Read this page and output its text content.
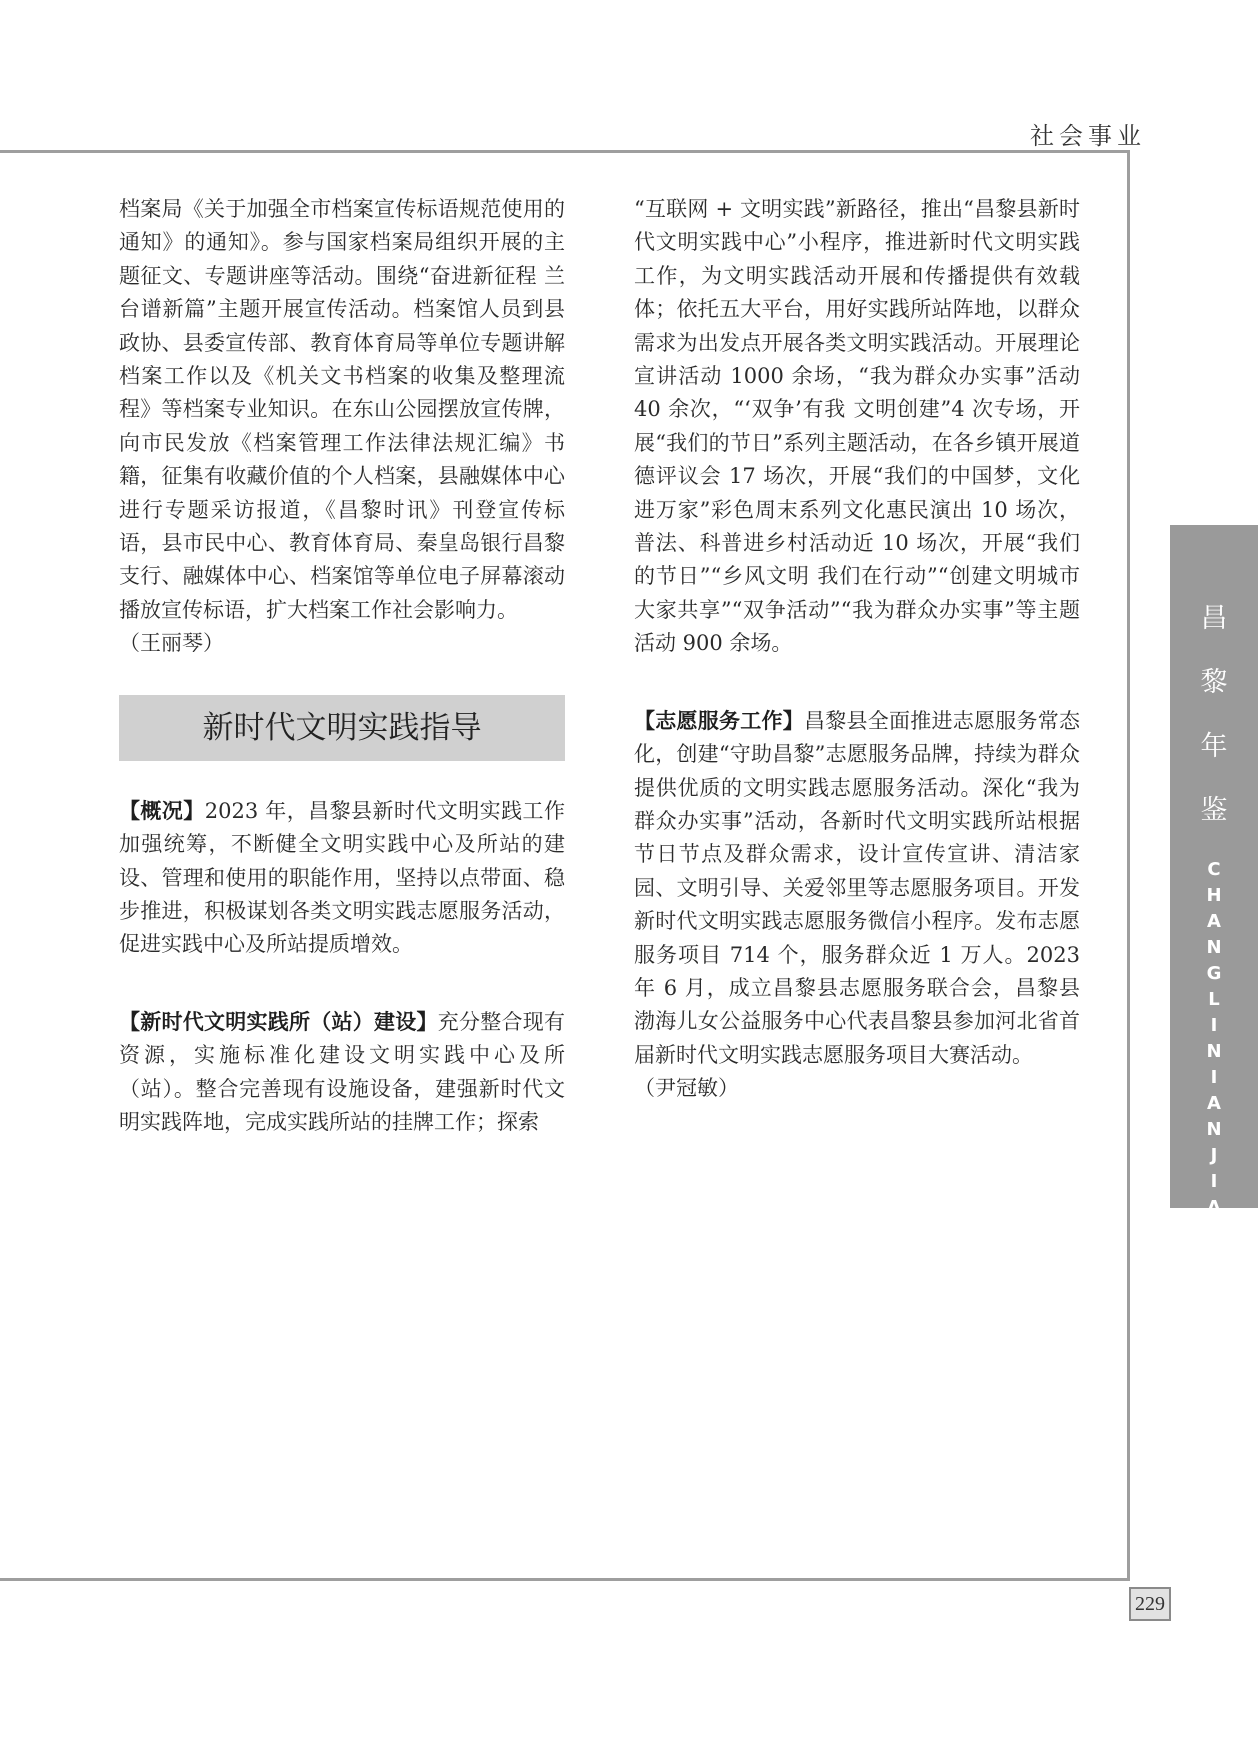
社会事业
昌
黎
年
鉴
C
H
A
N
G
L
I
N
I
A
N
J
I
A
N

档案局《关于加强全市档案宣传标语规范使用的通知》的通知》。参与国家档案局组织开展的主题征文、专题讲座等活动。围绕“奋进新征程 兰台谱新篇”主题开展宣传活动。档案馆人员到县政协、县委宣传部、教育体育局等单位专题讲解档案工作以及《机关文书档案的收集及整理流程》等档案专业知识。在东山公园摆放宣传牌，向市民发放《档案管理工作法律法规汇编》书籍，征集有收藏价值的个人档案，县融媒体中心进行专题采访报道，《昌黎时讯》刊登宣传标语，县市民中心、教育体育局、秦皇岛银行昌黎支行、融媒体中心、档案馆等单位电子屏幕滚动播放宣传标语，扩大档案工作社会影响力。

（王丽琴）

新时代文明实践指导

【概况】2023 年，昌黎县新时代文明实践工作加强统筹，不断健全文明实践中心及所站的建设、管理和使用的职能作用，坚持以点带面、稳步推进，积极谋划各类文明实践志愿服务活动，促进实践中心及所站提质增效。

【新时代文明实践所（站）建设】充分整合现有资源，实施标准化建设文明实践中心及所（站）。整合完善现有设施设备，建强新时代文明实践阵地，完成实践所站的挂牌工作；探索

“互联网 + 文明实践”新路径，推出“昌黎县新时代文明实践中心”小程序，推进新时代文明实践工作，为文明实践活动开展和传播提供有效载体；依托五大平台，用好实践所站阵地，以群众需求为出发点开展各类文明实践活动。开展理论宣讲活动 1000 余场，“我为群众办实事”活动 40 余次，“‘双争’有我 文明创建”4 次专场，开展“我们的节日”系列主题活动，在各乡镇开展道德评议会 17 场次，开展“我们的中国梦，文化进万家”彩色周末系列文化惠民演出 10 场次，普法、科普进乡村活动近 10 场次，开展“我们的节日”“乡风文明 我们在行动”“创建文明城市 大家共享”“双争活动”“我为群众办实事”等主题活动 900 余场。

【志愿服务工作】昌黎县全面推进志愿服务常态化，创建“守助昌黎”志愿服务品牌，持续为群众提供优质的文明实践志愿服务活动。深化“我为群众办实事”活动，各新时代文明实践所站根据节日节点及群众需求，设计宣传宣讲、清洁家园、文明引导、关爱邻里等志愿服务项目。开发新时代文明实践志愿服务微信小程序。发布志愿服务项目 714 个，服务群众近 1 万人。2023 年 6 月，成立昌黎县志愿服务联合会，昌黎县渤海儿女公益服务中心代表昌黎县参加河北省首届新时代文明实践志愿服务项目大赛活动。

（尹冠敏）

229
